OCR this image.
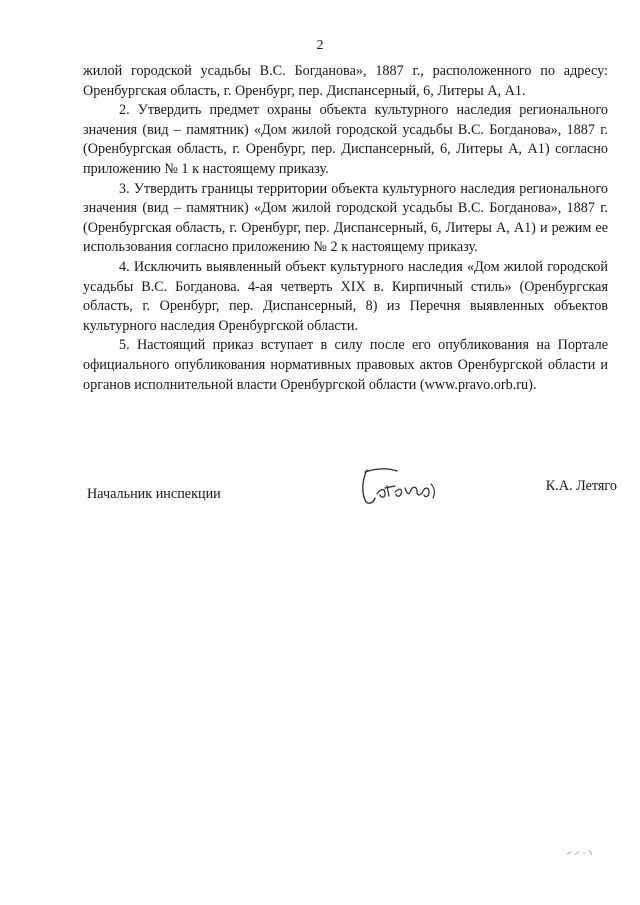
2

жилой городской усадьбы В.С. Богданова», 1887 г., расположенного по адресу: Оренбургская область, г. Оренбург, пер. Диспансерный, 6, Литеры А, А1.

2. Утвердить предмет охраны объекта культурного наследия регионального значения (вид – памятник) «Дом жилой городской усадьбы В.С. Богданова», 1887 г. (Оренбургская область, г. Оренбург, пер. Диспансерный, 6, Литеры А, А1) согласно приложению № 1 к настоящему приказу.

3. Утвердить границы территории объекта культурного наследия регионального значения (вид – памятник) «Дом жилой городской усадьбы В.С. Богданова», 1887 г. (Оренбургская область, г. Оренбург, пер. Диспансерный, 6, Литеры А, А1) и режим ее использования согласно приложению № 2 к настоящему приказу.

4. Исключить выявленный объект культурного наследия «Дом жилой городской усадьбы В.С. Богданова. 4-ая четверть XIX в. Кирпичный стиль» (Оренбургская область, г. Оренбург, пер. Диспансерный, 8) из Перечня выявленных объектов культурного наследия Оренбургской области.

5. Настоящий приказ вступает в силу после его опубликования на Портале официального опубликования нормативных правовых актов Оренбургской области и органов исполнительной власти Оренбургской области (www.pravo.orb.ru).

Начальник инспекции	К.А. Летяго
